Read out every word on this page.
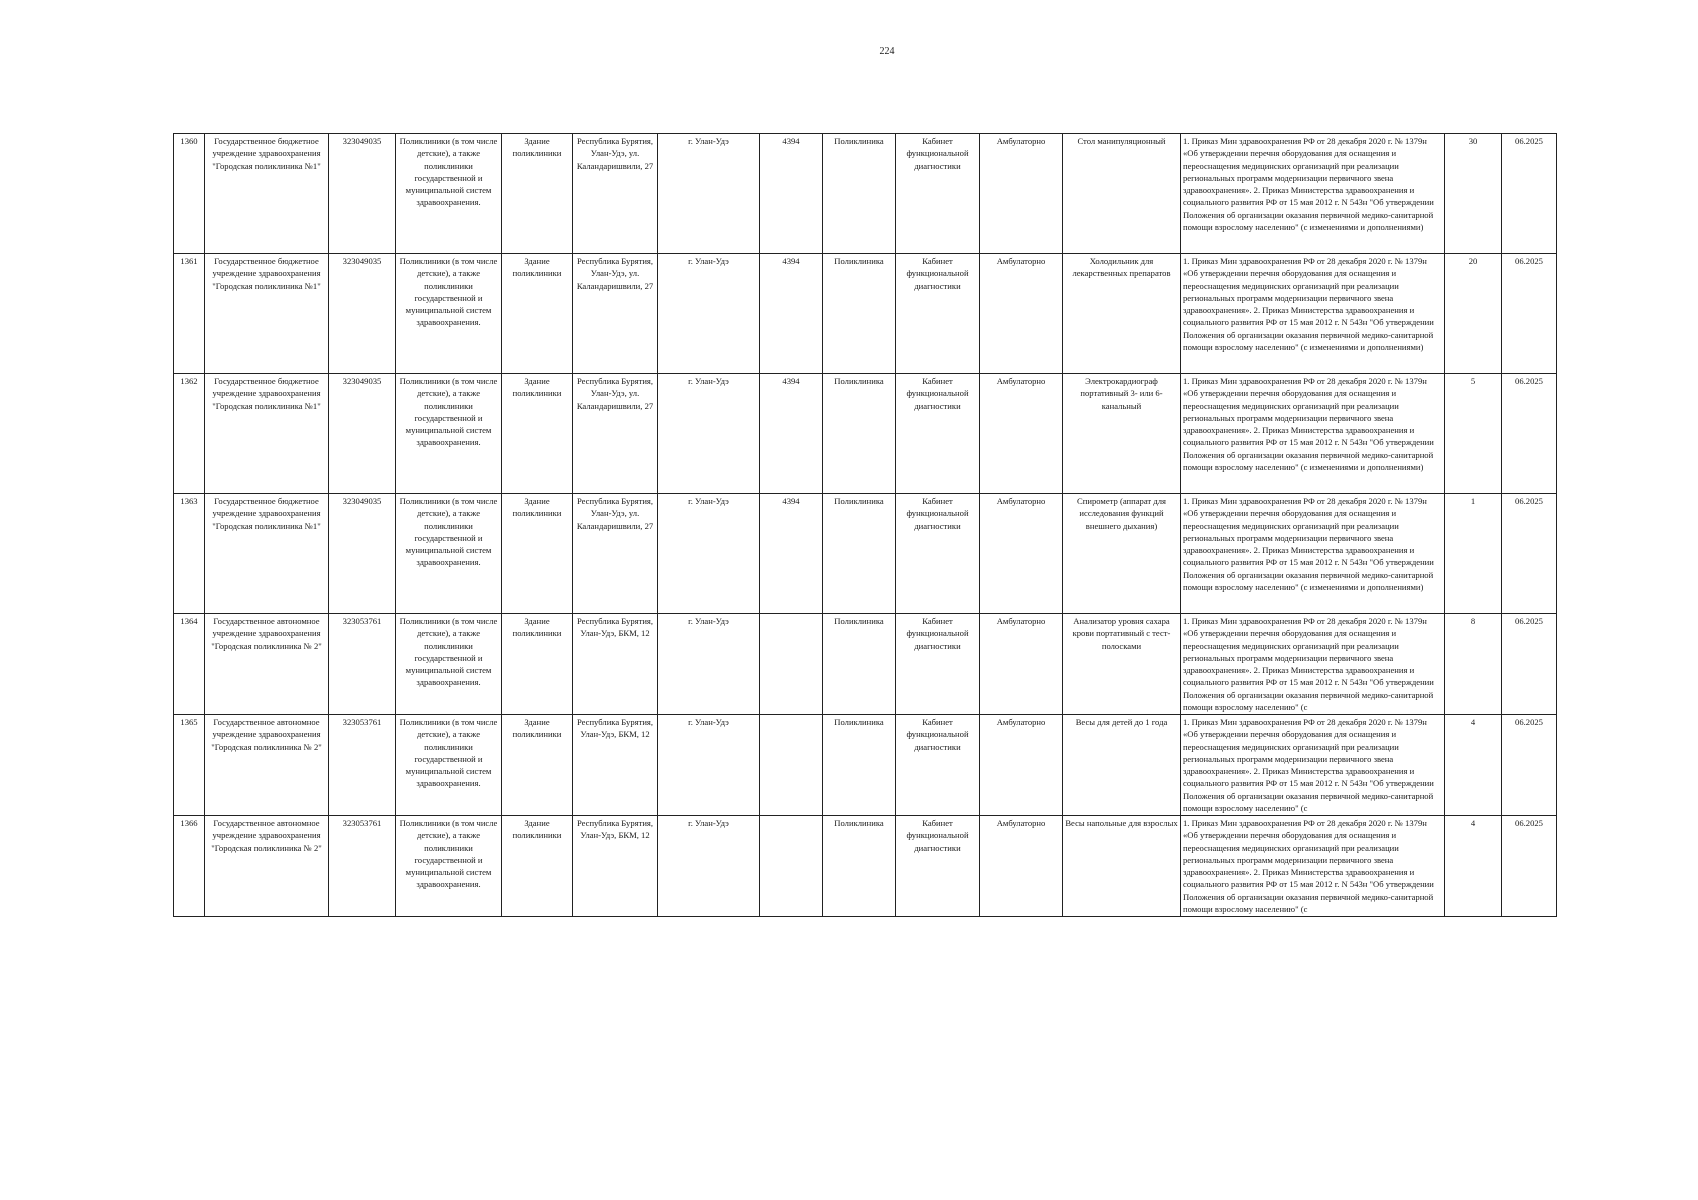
224
1360	Государственное бюджетное учреждение здравоохранения "Городская поликлиника №1"	323049035	Поликлиники (в том числе детские), а также поликлиники государственной и муниципальной систем здравоохранения.	Здание поликлиники	Республика Бурятия, Улан-Удэ, ул. Каландаришвили, 27	г. Улан-Удэ	4394	Поликлиника	Кабинет функциональной диагностики	Амбулаторно	Стол манипуляционный	1. Приказ Мин здравоохранения РФ от 28 декабря 2020 г. № 1379н «Об утверждении перечня оборудования для оснащения и переоснащения медицинских организаций при реализации региональных программ модернизации первичного звена здравоохранения». 2. Приказ Министерства здравоохранения и социального развития РФ от 15 мая 2012 г. N 543н "Об утверждении Положения об организации оказания первичной медико-санитарной помощи взрослому населению" (с изменениями и дополнениями)	30	06.2025
1361	Государственное бюджетное учреждение здравоохранения "Городская поликлиника №1"	323049035	Поликлиники (в том числе детские), а также поликлиники государственной и муниципальной систем здравоохранения.	Здание поликлиники	Республика Бурятия, Улан-Удэ, ул. Каландаришвили, 27	г. Улан-Удэ	4394	Поликлиника	Кабинет функциональной диагностики	Амбулаторно	Холодильник для лекарственных препаратов	1. Приказ Мин здравоохранения РФ от 28 декабря 2020 г. № 1379н «Об утверждении перечня оборудования для оснащения и переоснащения медицинских организаций при реализации региональных программ модернизации первичного звена здравоохранения». 2. Приказ Министерства здравоохранения и социального развития РФ от 15 мая 2012 г. N 543н "Об утверждении Положения об организации оказания первичной медико-санитарной помощи взрослому населению" (с изменениями и дополнениями)	20	06.2025
1362	Государственное бюджетное учреждение здравоохранения "Городская поликлиника №1"	323049035	Поликлиники (в том числе детские), а также поликлиники государственной и муниципальной систем здравоохранения.	Здание поликлиники	Республика Бурятия, Улан-Удэ, ул. Каландаришвили, 27	г. Улан-Удэ	4394	Поликлиника	Кабинет функциональной диагностики	Амбулаторно	Электрокардиограф портативный 3- или 6-канальный	1. Приказ Мин здравоохранения РФ от 28 декабря 2020 г. № 1379н «Об утверждении перечня оборудования для оснащения и переоснащения медицинских организаций при реализации региональных программ модернизации первичного звена здравоохранения». 2. Приказ Министерства здравоохранения и социального развития РФ от 15 мая 2012 г. N 543н "Об утверждении Положения об организации оказания первичной медико-санитарной помощи взрослому населению" (с изменениями и дополнениями)	5	06.2025
1363	Государственное бюджетное учреждение здравоохранения "Городская поликлиника №1"	323049035	Поликлиники (в том числе детские), а также поликлиники государственной и муниципальной систем здравоохранения.	Здание поликлиники	Республика Бурятия, Улан-Удэ, ул. Каландаришвили, 27	г. Улан-Удэ	4394	Поликлиника	Кабинет функциональной диагностики	Амбулаторно	Спирометр (аппарат для исследования функций внешнего дыхания)	1. Приказ Мин здравоохранения РФ от 28 декабря 2020 г. № 1379н «Об утверждении перечня оборудования для оснащения и переоснащения медицинских организаций при реализации региональных программ модернизации первичного звена здравоохранения». 2. Приказ Министерства здравоохранения и социального развития РФ от 15 мая 2012 г. N 543н "Об утверждении Положения об организации оказания первичной медико-санитарной помощи взрослому населению" (с изменениями и дополнениями)	1	06.2025
1364	Государственное автономное учреждение здравоохранения "Городская поликлиника № 2"	323053761	Поликлиники (в том числе детские), а также поликлиники государственной и муниципальной систем здравоохранения.	Здание поликлиники	Республика Бурятия, Улан-Удэ, БКМ, 12	г. Улан-Удэ		Поликлиника	Кабинет функциональной диагностики	Амбулаторно	Анализатор уровня сахара крови портативный с тест-полосками	1. Приказ Мин здравоохранения РФ от 28 декабря 2020 г. № 1379н «Об утверждении перечня оборудования для оснащения и переоснащения медицинских организаций при реализации региональных программ модернизации первичного звена здравоохранения». 2. Приказ Министерства здравоохранения и социального развития РФ от 15 мая 2012 г. N 543н "Об утверждении Положения об организации оказания первичной медико-санитарной помощи взрослому населению" (с	8	06.2025
1365	Государственное автономное учреждение здравоохранения "Городская поликлиника № 2"	323053761	Поликлиники (в том числе детские), а также поликлиники государственной и муниципальной систем здравоохранения.	Здание поликлиники	Республика Бурятия, Улан-Удэ, БКМ, 12	г. Улан-Удэ		Поликлиника	Кабинет функциональной диагностики	Амбулаторно	Весы для детей до 1 года	1. Приказ Мин здравоохранения РФ от 28 декабря 2020 г. № 1379н «Об утверждении перечня оборудования для оснащения и переоснащения медицинских организаций при реализации региональных программ модернизации первичного звена здравоохранения». 2. Приказ Министерства здравоохранения и социального развития РФ от 15 мая 2012 г. N 543н "Об утверждении Положения об организации оказания первичной медико-санитарной помощи взрослому населению" (с	4	06.2025
1366	Государственное автономное учреждение здравоохранения "Городская поликлиника № 2"	323053761	Поликлиники (в том числе детские), а также поликлиники государственной и муниципальной систем здравоохранения.	Здание поликлиники	Республика Бурятия, Улан-Удэ, БКМ, 12	г. Улан-Удэ		Поликлиника	Кабинет функциональной диагностики	Амбулаторно	Весы напольные для взрослых	1. Приказ Мин здравоохранения РФ от 28 декабря 2020 г. № 1379н «Об утверждении перечня оборудования для оснащения и переоснащения медицинских организаций при реализации региональных программ модернизации первичного звена здравоохранения». 2. Приказ Министерства здравоохранения и социального развития РФ от 15 мая 2012 г. N 543н "Об утверждении Положения об организации оказания первичной медико-санитарной помощи взрослому населению" (с	4	06.2025
